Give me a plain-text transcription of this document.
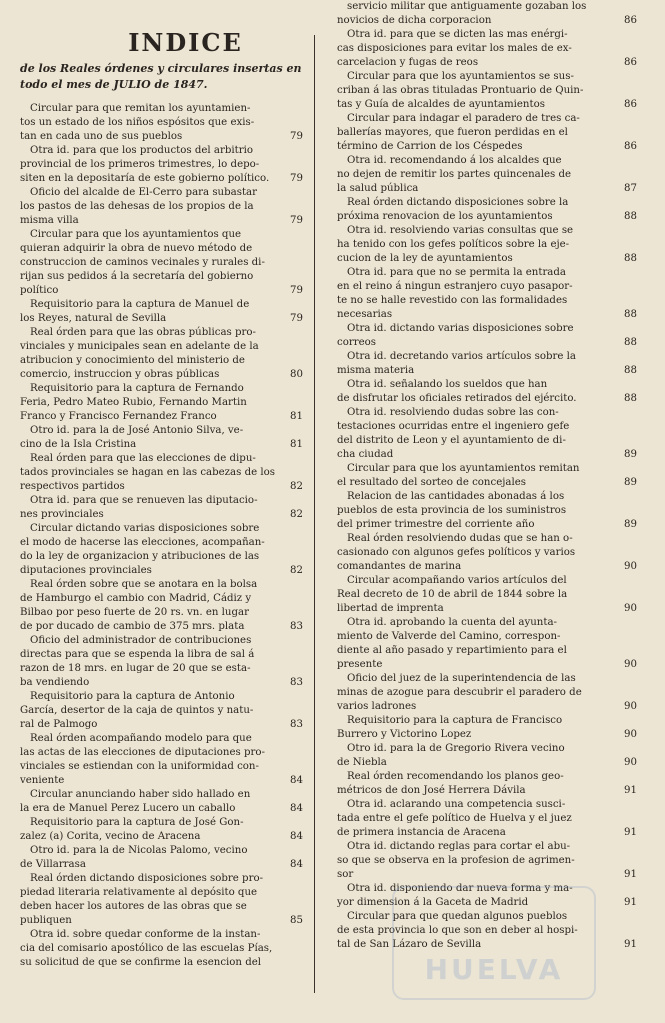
INDICE
de los Reales órdenes y circulares insertas en todo el mes de JULIO de 1847.
Circular para que remitan los ayuntamien-
tos un estado de los niños espósitos que exis-
tan en cada uno de sus pueblos	79
Otra id. para que los productos del arbitrio
provincial de los primeros trimestres, lo depo-
siten en la depositaría de este gobierno político.	79
Oficio del alcalde de El-Cerro para subastar
los pastos de las dehesas de los propios de la
misma villa	79
Circular para que los ayuntamientos que
quieran adquirir la obra de nuevo método de
construccion de caminos vecinales y rurales di-
rijan sus pedidos á la secretaría del gobierno
político	79
Requisitorio para la captura de Manuel de
los Reyes, natural de Sevilla	79
Real órden para que las obras públicas pro-
vinciales y municipales sean en adelante de la
atribucion y conocimiento del ministerio de
comercio, instruccion y obras públicas	80
Requisitorio para la captura de Fernando
Feria, Pedro Mateo Rubio, Fernando Martin
Franco y Francisco Fernandez Franco	81
Otro id. para la de José Antonio Silva, ve-
cino de la Isla Cristina	81
Real órden para que las elecciones de dipu-
tados provinciales se hagan en las cabezas de los
respectivos partidos	82
Otra id. para que se renueven las diputacio-
nes provinciales	82
Circular dictando varias disposiciones sobre
el modo de hacerse las elecciones, acompañan-
do la ley de organizacion y atribuciones de las
diputaciones provinciales	82
Real órden sobre que se anotara en la bolsa
de Hamburgo el cambio con Madrid, Cádiz y
Bilbao por peso fuerte de 20 rs. vn. en lugar
de por ducado de cambio de 375 mrs. plata	83
Oficio del administrador de contribuciones
directas para que se espenda la libra de sal á
razon de 18 mrs. en lugar de 20 que se esta-
ba vendiendo	83
Requisitorio para la captura de Antonio
García, desertor de la caja de quintos y natu-
ral de Palmogo	83
Real órden acompañando modelo para que
las actas de las elecciones de diputaciones pro-
vinciales se estiendan con la uniformidad con-
veniente	84
Circular anunciando haber sido hallado en
la era de Manuel Perez Lucero un caballo	84
Requisitorio para la captura de José Gon-
zalez (a) Corita, vecino de Aracena	84
Otro id. para la de Nicolas Palomo, vecino
de Villarrasa	84
Real órden dictando disposiciones sobre pro-
piedad literaria relativamente al depósito que
deben hacer los autores de las obras que se
publiquen	85
Otra id. sobre quedar conforme de la instan-
cia del comisario apostólico de las escuelas Pías,
su solicitud de que se confirme la esencion del
servicio militar que antiguamente gozaban los
novicios de dicha corporacion	86
Otra id. para que se dicten las mas enérgi-
cas disposiciones para evitar los males de ex-
carcelacion y fugas de reos	86
Circular para que los ayuntamientos se sus-
criban á las obras tituladas Prontuario de Quin-
tas y Guía de alcaldes de ayuntamientos	86
Circular para indagar el paradero de tres ca-
ballerías mayores, que fueron perdidas en el
término de Carrion de los Céspedes	86
Otra id. recomendando á los alcaldes que
no dejen de remitir los partes quincenales de
la salud pública	87
Real órden dictando disposiciones sobre la
próxima renovacion de los ayuntamientos	88
Otra id. resolviendo varias consultas que se
ha tenido con los gefes políticos sobre la eje-
cucion de la ley de ayuntamientos	88
Otra id. para que no se permita la entrada
en el reino á ningun estranjero cuyo pasapor-
te no se halle revestido con las formalidades
necesarias	88
Otra id. dictando varias disposiciones sobre
correos	88
Otra id. decretando varios artículos sobre la
misma materia	88
Otra id. señalando los sueldos que han
de disfrutar los oficiales retirados del ejército.	88
Otra id. resolviendo dudas sobre las con-
testaciones ocurridas entre el ingeniero gefe
del distrito de Leon y el ayuntamiento de di-
cha ciudad	89
Circular para que los ayuntamientos remitan
el resultado del sorteo de concejales	89
Relacion de las cantidades abonadas á los
pueblos de esta provincia de los suministros
del primer trimestre del corriente año	89
Real órden resolviendo dudas que se han o-
casionado con algunos gefes políticos y varios
comandantes de marina	90
Circular acompañando varios artículos del
Real decreto de 10 de abril de 1844 sobre la
libertad de imprenta	90
Otra id. aprobando la cuenta del ayunta-
miento de Valverde del Camino, correspon-
diente al año pasado y repartimiento para el
presente	90
Oficio del juez de la superintendencia de las
minas de azogue para descubrir el paradero de
varios ladrones	90
Requisitorio para la captura de Francisco
Burrero y Victorino Lopez	90
Otro id. para la de Gregorio Rivera vecino
de Niebla	90
Real órden recomendando los planos geo-
métricos de don José Herrera Dávila	91
Otra id. aclarando una competencia susci-
tada entre el gefe político de Huelva y el juez
de primera instancia de Aracena	91
Otra id. dictando reglas para cortar el abu-
so que se observa en la profesion de agrimen-
sor	91
Otra id. disponiendo dar nueva forma y ma-
yor dimension á la Gaceta de Madrid	91
Circular para que quedan algunos pueblos
de esta provincia lo que son en deber al hospi-
tal de San Lázaro de Sevilla	91
HUELVA
